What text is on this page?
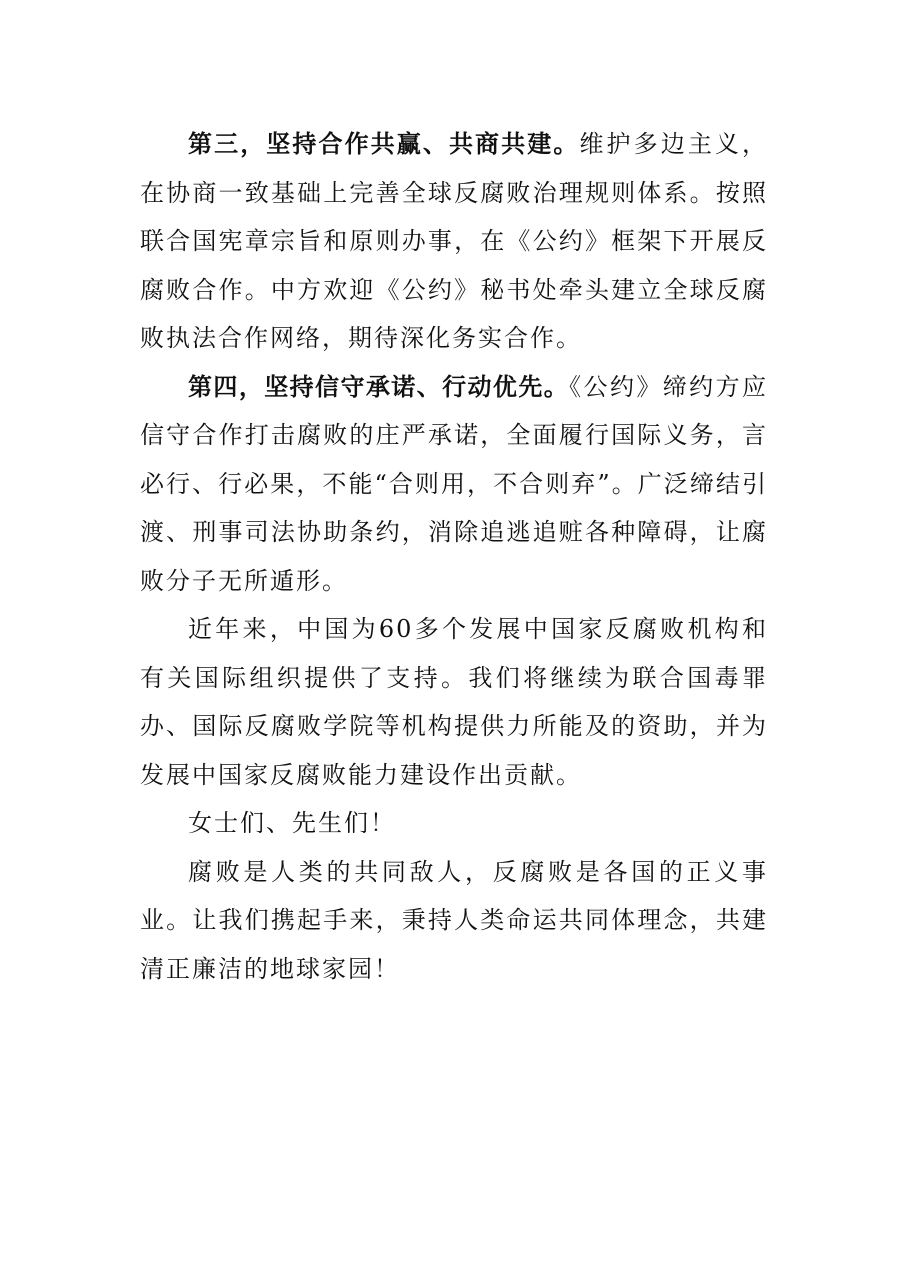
第三，坚持合作共赢、共商共建。维护多边主义，在协商一致基础上完善全球反腐败治理规则体系。按照联合国宪章宗旨和原则办事，在《公约》框架下开展反腐败合作。中方欢迎《公约》秘书处牵头建立全球反腐败执法合作网络，期待深化务实合作。

第四，坚持信守承诺、行动优先。《公约》缔约方应信守合作打击腐败的庄严承诺，全面履行国际义务，言必行、行必果，不能“合则用，不合则弃”。广泛缔结引渡、刑事司法协助条约，消除追逃追赃各种障碍，让腐败分子无所遁形。

近年来，中国为60多个发展中国家反腐败机构和有关国际组织提供了支持。我们将继续为联合国毒罪办、国际反腐败学院等机构提供力所能及的资助，并为发展中国家反腐败能力建设作出贡献。

女士们、先生们！

腐败是人类的共同敌人，反腐败是各国的正义事业。让我们携起手来，秉持人类命运共同体理念，共建清正廉洁的地球家园！
